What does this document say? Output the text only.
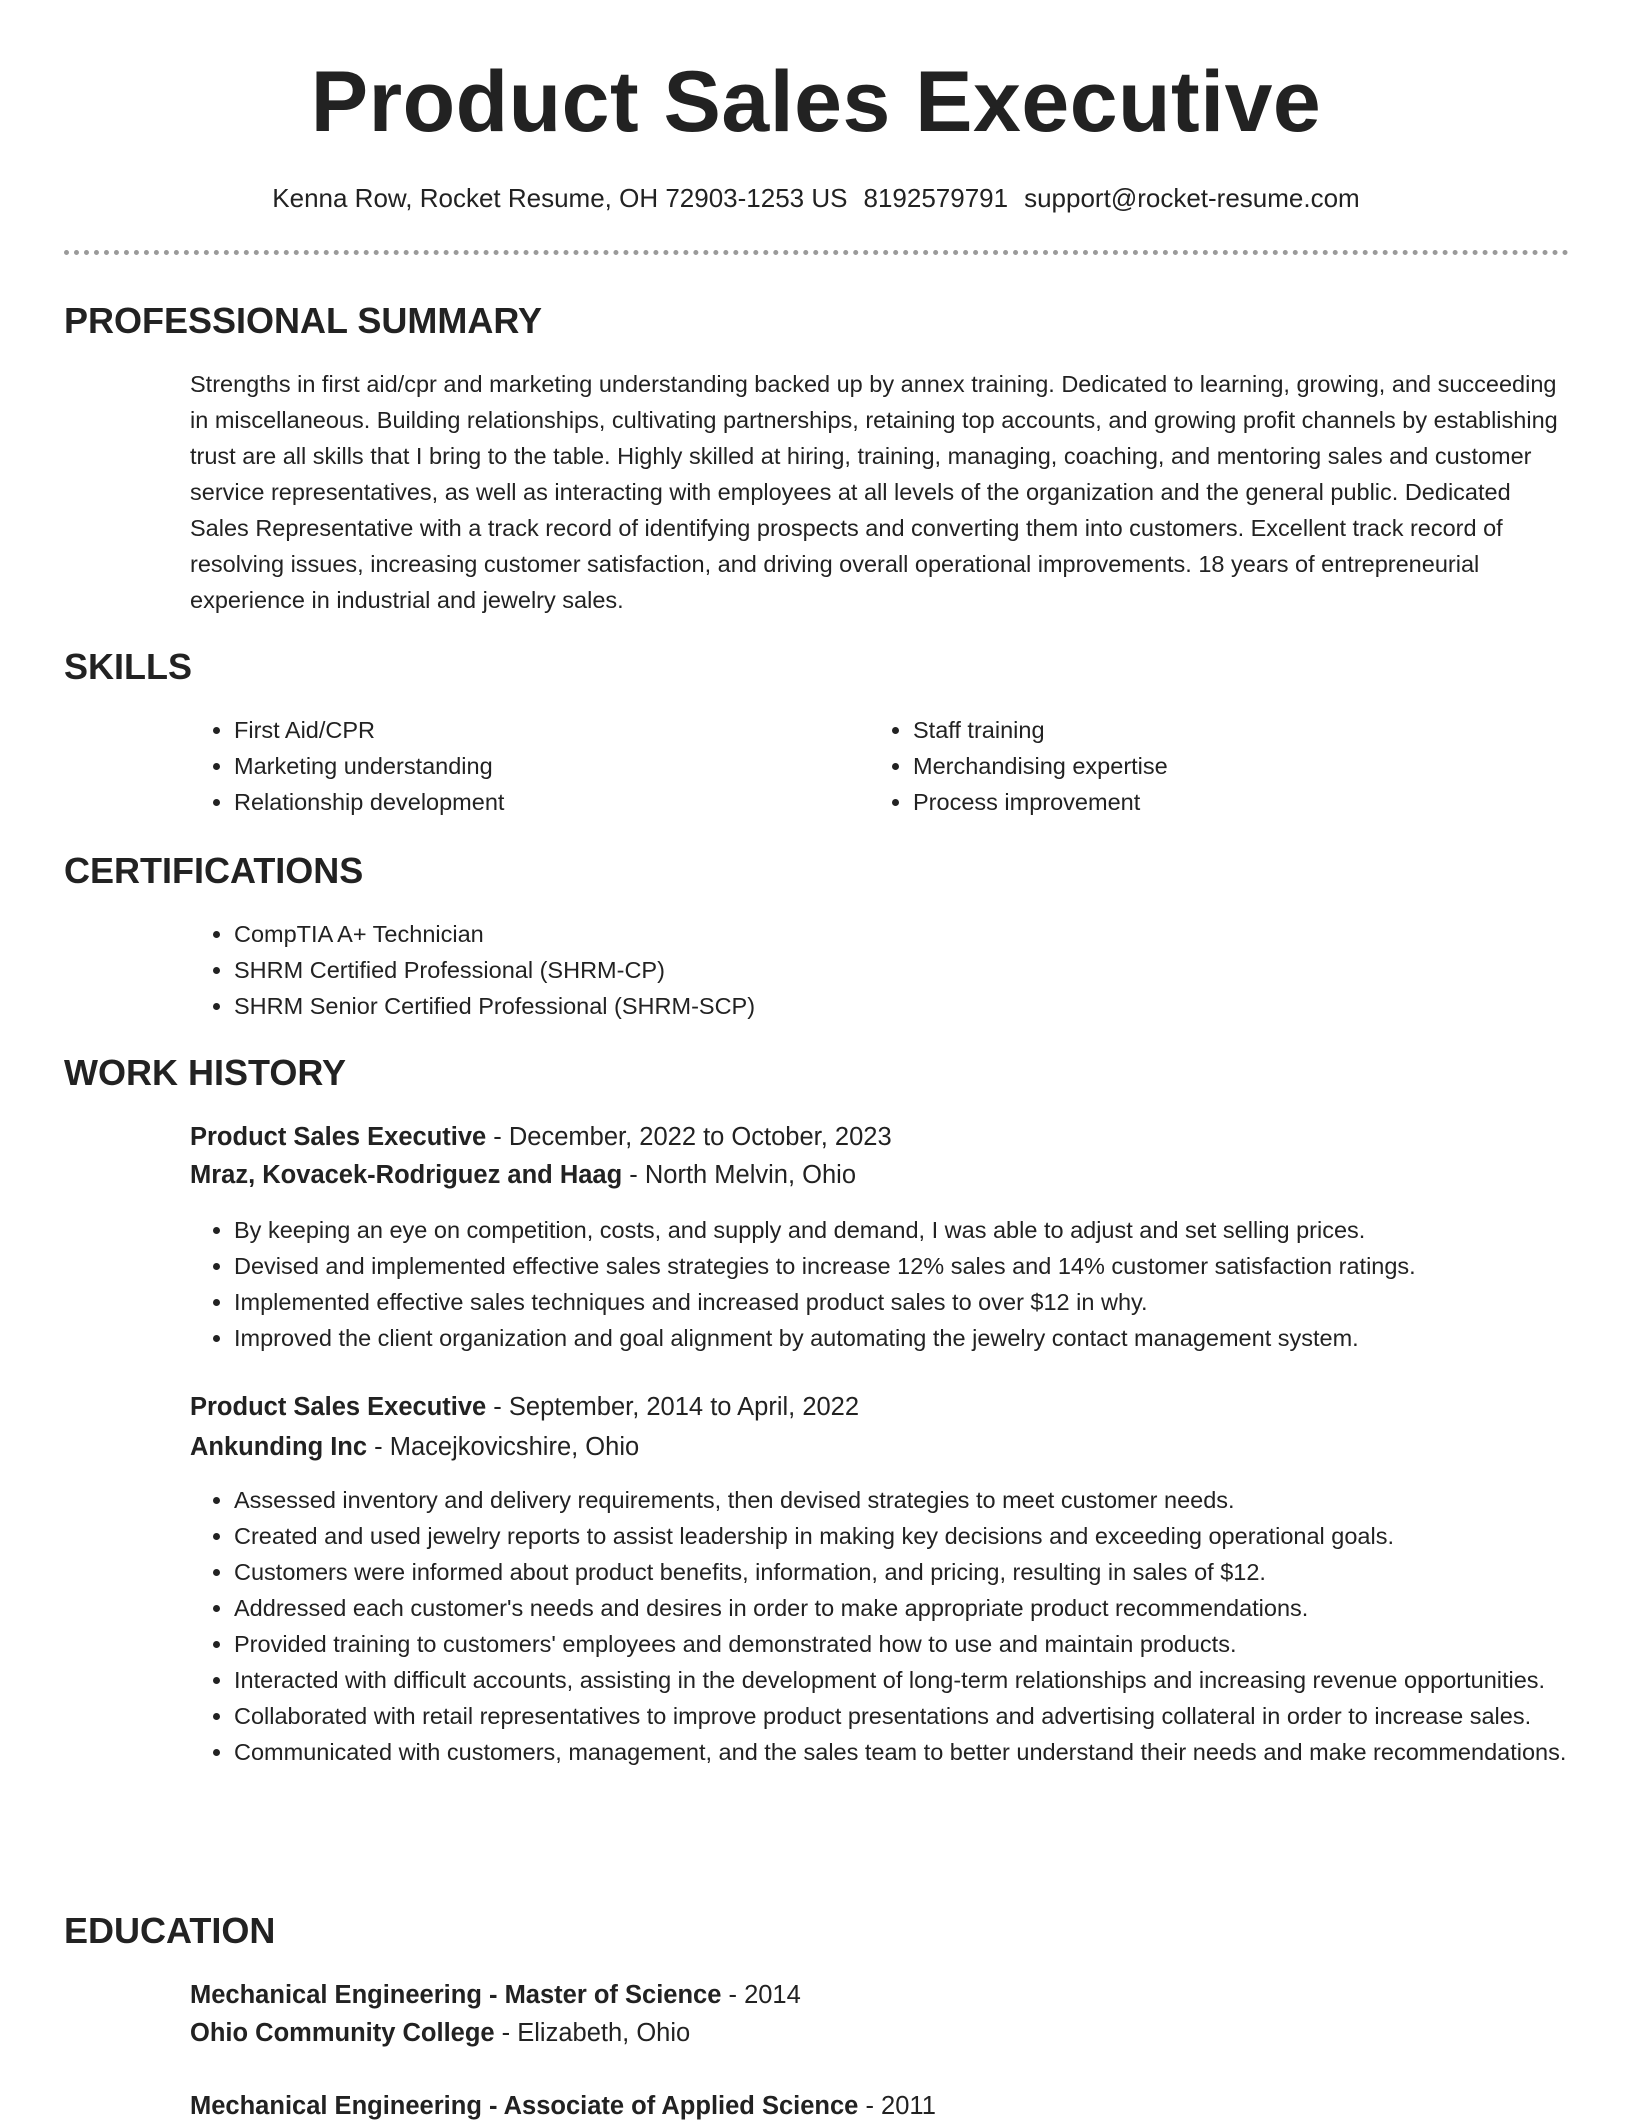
Product Sales Executive
Kenna Row, Rocket Resume, OH 72903-1253 US 8192579791 support@rocket-resume.com
PROFESSIONAL SUMMARY

Strengths in first aid/cpr and marketing understanding backed up by annex training. Dedicated to learning, growing, and succeeding in miscellaneous. Building relationships, cultivating partnerships, retaining top accounts, and growing profit channels by establishing trust are all skills that I bring to the table. Highly skilled at hiring, training, managing, coaching, and mentoring sales and customer service representatives, as well as interacting with employees at all levels of the organization and the general public. Dedicated Sales Representative with a track record of identifying prospects and converting them into customers. Excellent track record of resolving issues, increasing customer satisfaction, and driving overall operational improvements. 18 years of entrepreneurial experience in industrial and jewelry sales.

SKILLS
• First Aid/CPR
• Marketing understanding
• Relationship development
• Staff training
• Merchandising expertise
• Process improvement
CERTIFICATIONS
• CompTIA A+ Technician
• SHRM Certified Professional (SHRM-CP)
• SHRM Senior Certified Professional (SHRM-SCP)
WORK HISTORY
Product Sales Executive - December, 2022 to October, 2023
Mraz, Kovacek-Rodriguez and Haag - North Melvin, Ohio
• By keeping an eye on competition, costs, and supply and demand, I was able to adjust and set selling prices.
• Devised and implemented effective sales strategies to increase 12% sales and 14% customer satisfaction ratings.
• Implemented effective sales techniques and increased product sales to over $12 in why.
• Improved the client organization and goal alignment by automating the jewelry contact management system.
Product Sales Executive - September, 2014 to April, 2022
Ankunding Inc - Macejkovicshire, Ohio
• Assessed inventory and delivery requirements, then devised strategies to meet customer needs.
• Created and used jewelry reports to assist leadership in making key decisions and exceeding operational goals.
• Customers were informed about product benefits, information, and pricing, resulting in sales of $12.
• Addressed each customer's needs and desires in order to make appropriate product recommendations.
• Provided training to customers' employees and demonstrated how to use and maintain products.
• Interacted with difficult accounts, assisting in the development of long-term relationships and increasing revenue opportunities.
• Collaborated with retail representatives to improve product presentations and advertising collateral in order to increase sales.
• Communicated with customers, management, and the sales team to better understand their needs and make recommendations.
EDUCATION
Mechanical Engineering - Master of Science - 2014
Ohio Community College - Elizabeth, Ohio
Mechanical Engineering - Associate of Applied Science - 2011
